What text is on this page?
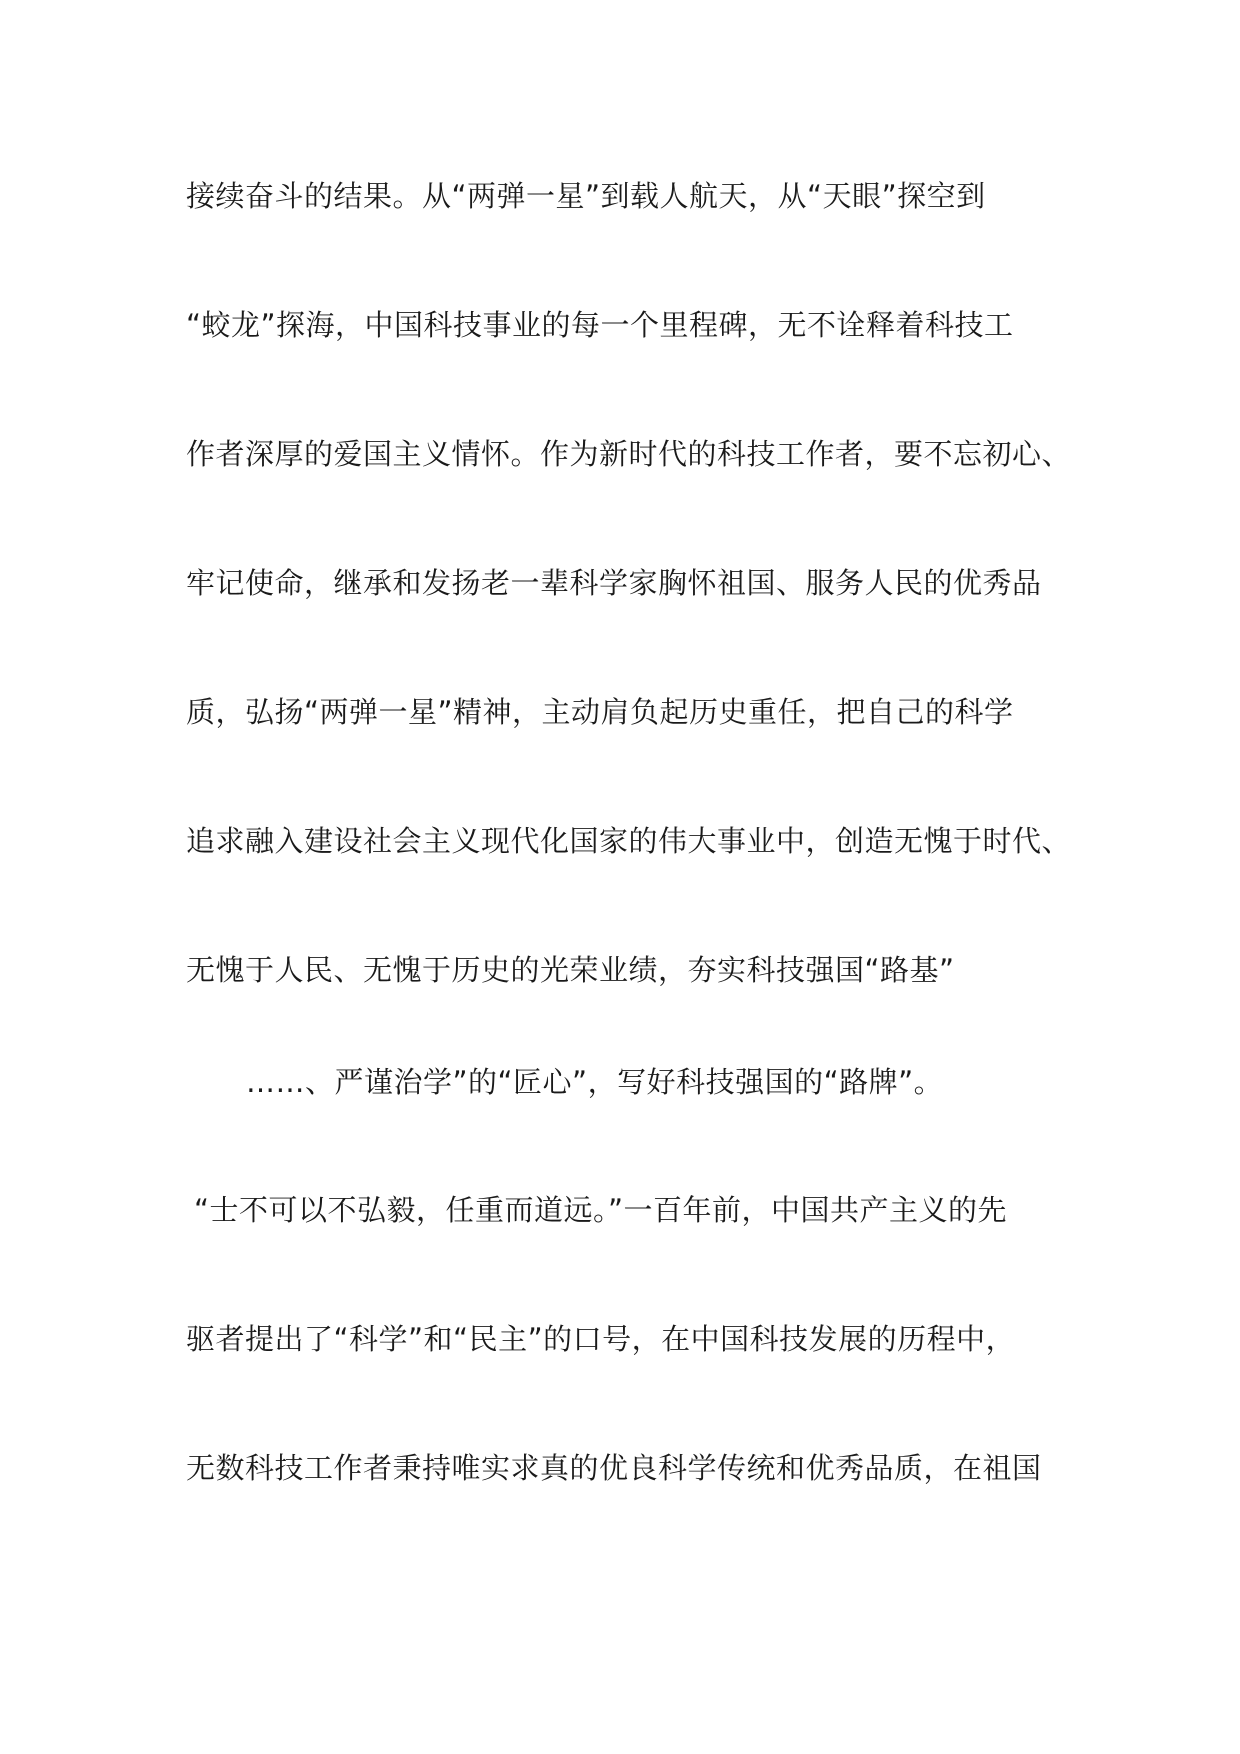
接续奋斗的结果。从“两弹一星”到载人航天，从“天眼”探空到
“蛟龙”探海，中国科技事业的每一个里程碑，无不诠释着科技工
作者深厚的爱国主义情怀。作为新时代的科技工作者，要不忘初心、
牢记使命，继承和发扬老一辈科学家胸怀祖国、服务人民的优秀品
质，弘扬“两弹一星”精神，主动肩负起历史重任，把自己的科学
追求融入建设社会主义现代化国家的伟大事业中，创造无愧于时代、
无愧于人民、无愧于历史的光荣业绩，夯实科技强国“路基”
……、严谨治学”的“匠心”，写好科技强国的“路牌”。
“士不可以不弘毅，任重而道远。”一百年前，中国共产主义的先
驱者提出了“科学”和“民主”的口号，在中国科技发展的历程中，
无数科技工作者秉持唯实求真的优良科学传统和优秀品质，在祖国
